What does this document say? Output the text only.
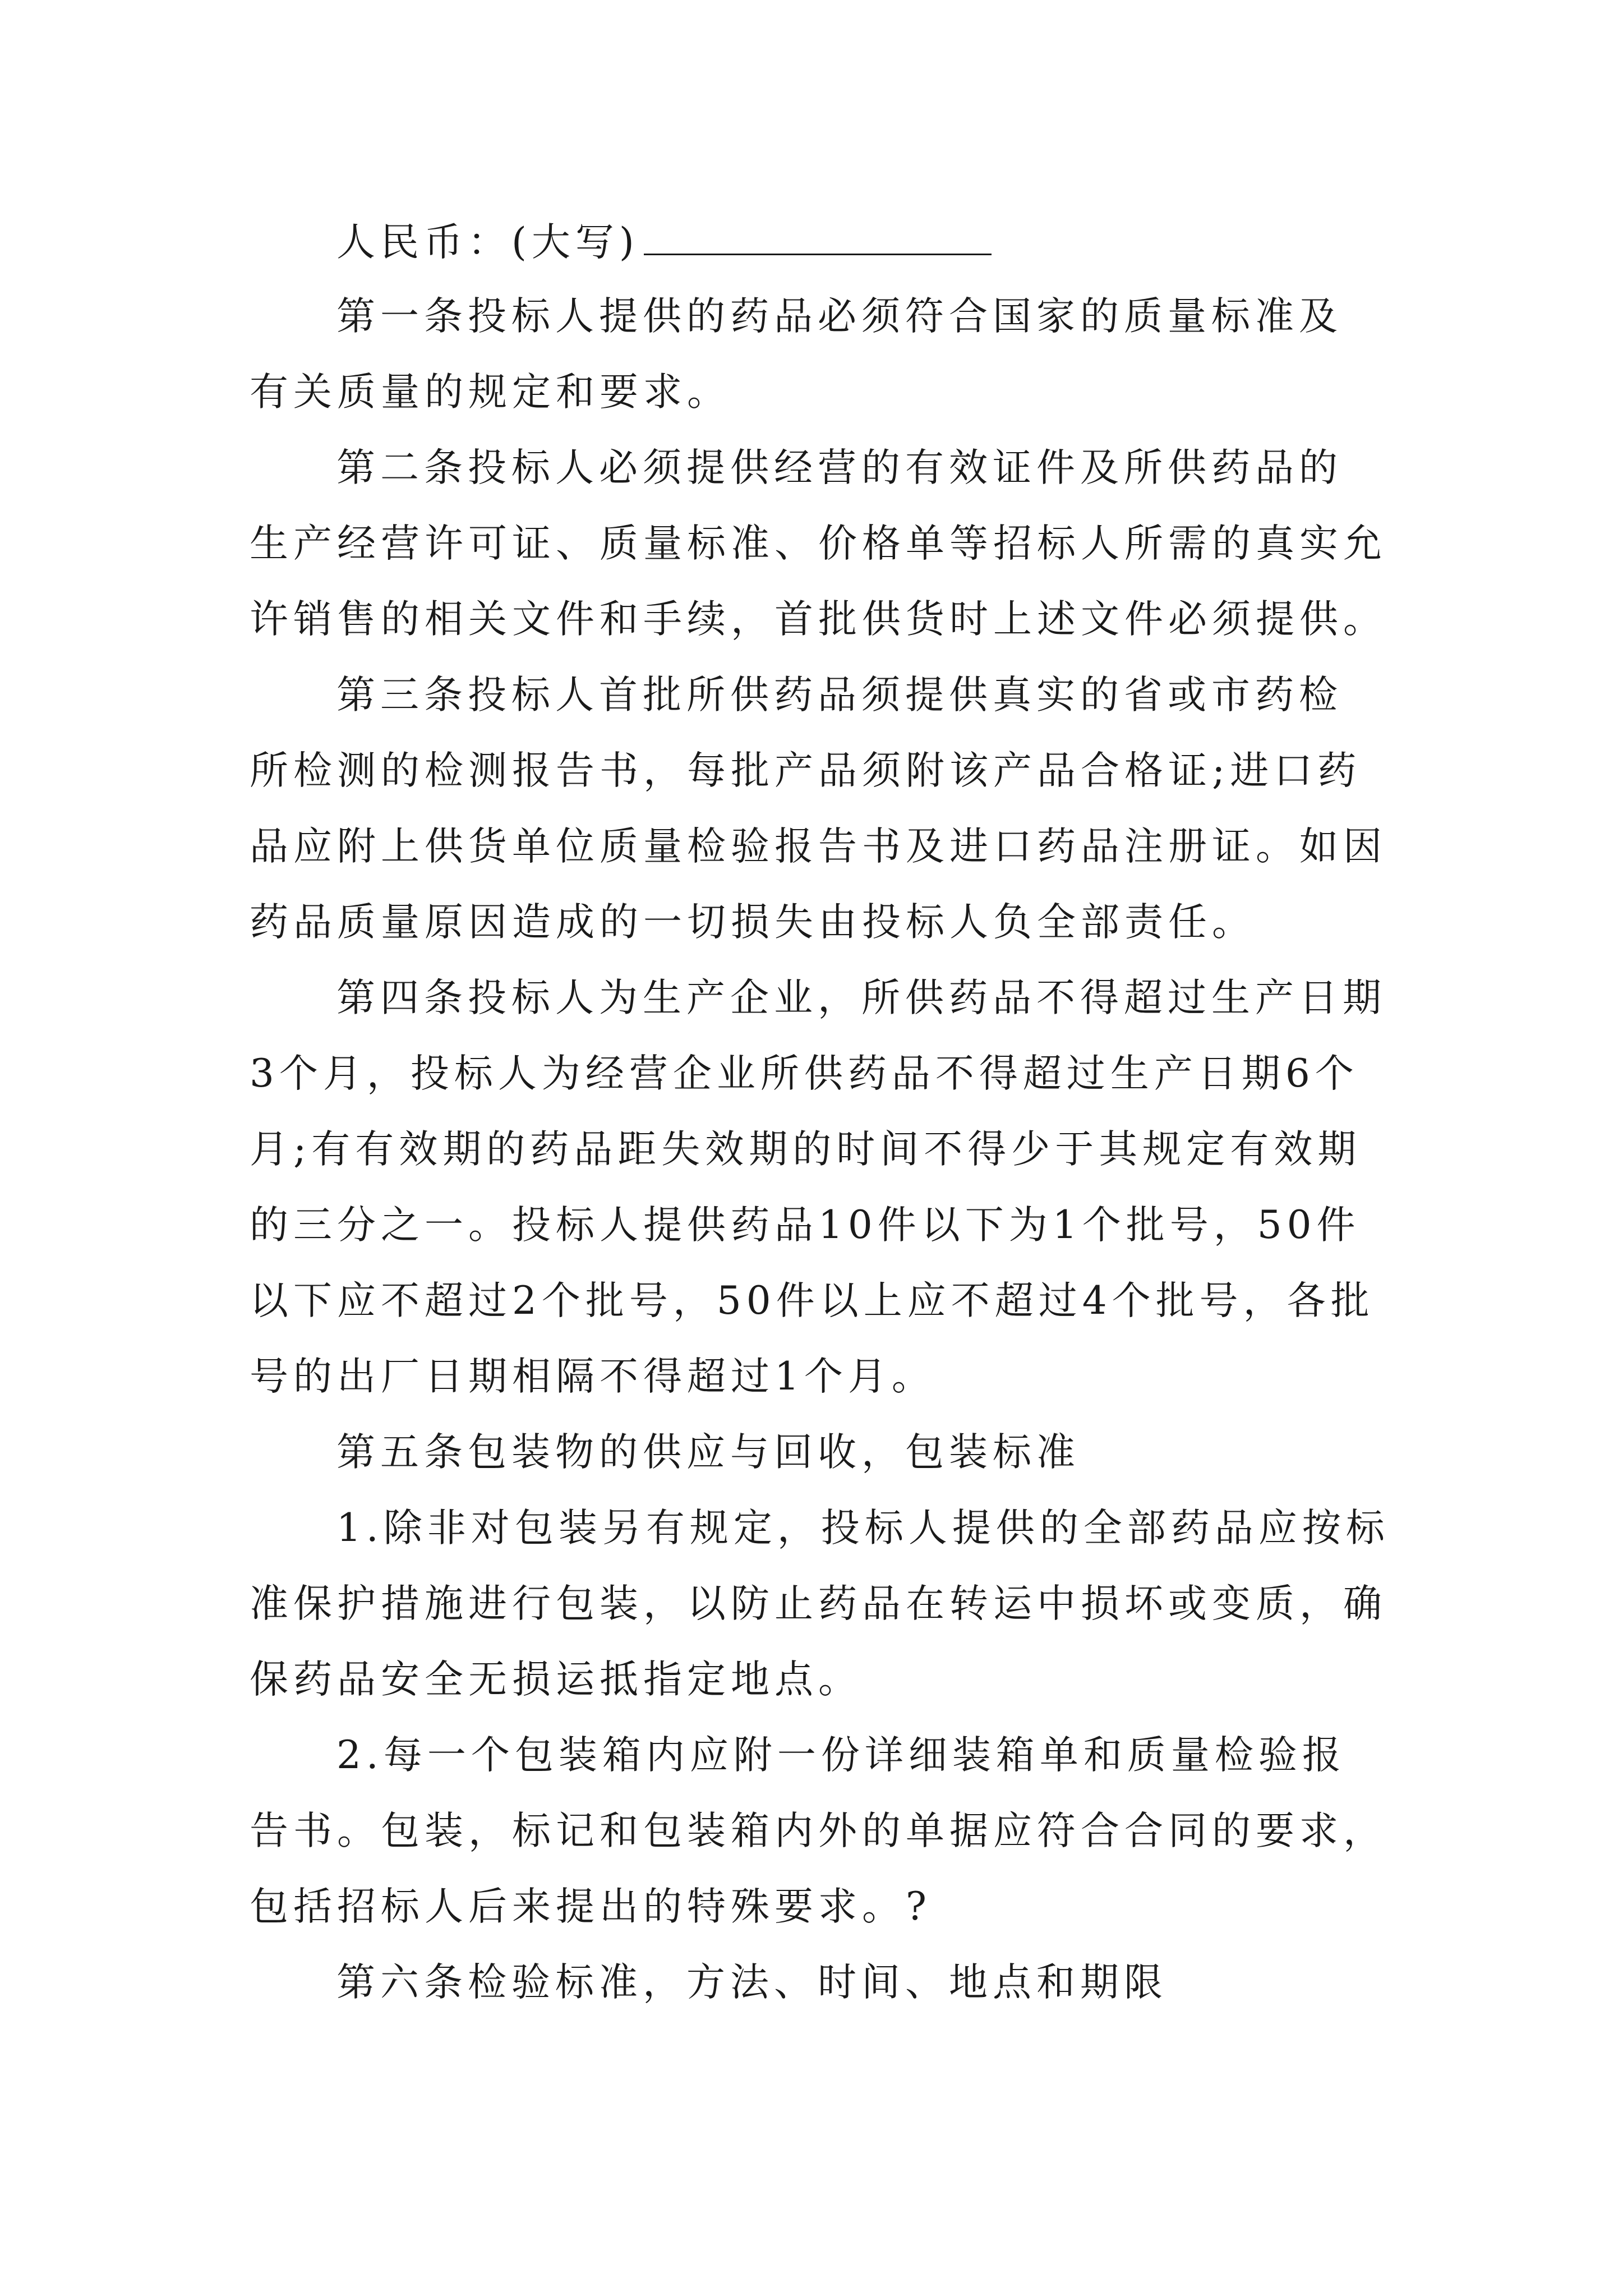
人民币：(大写)
第一条投标人提供的药品必须符合国家的质量标准及
有关质量的规定和要求。
第二条投标人必须提供经营的有效证件及所供药品的
生产经营许可证、质量标准、价格单等招标人所需的真实允
许销售的相关文件和手续，首批供货时上述文件必须提供。
第三条投标人首批所供药品须提供真实的省或市药检
所检测的检测报告书，每批产品须附该产品合格证;进口药
品应附上供货单位质量检验报告书及进口药品注册证。如因
药品质量原因造成的一切损失由投标人负全部责任。
第四条投标人为生产企业，所供药品不得超过生产日期
3个月，投标人为经营企业所供药品不得超过生产日期6个
月;有有效期的药品距失效期的时间不得少于其规定有效期
的三分之一。投标人提供药品10件以下为1个批号，50件
以下应不超过2个批号，50件以上应不超过4个批号，各批
号的出厂日期相隔不得超过1个月。
第五条包装物的供应与回收，包装标准
1.除非对包装另有规定，投标人提供的全部药品应按标
准保护措施进行包装，以防止药品在转运中损坏或变质，确
保药品安全无损运抵指定地点。
2.每一个包装箱内应附一份详细装箱单和质量检验报
告书。包装，标记和包装箱内外的单据应符合合同的要求，
包括招标人后来提出的特殊要求。?
第六条检验标准，方法、时间、地点和期限
